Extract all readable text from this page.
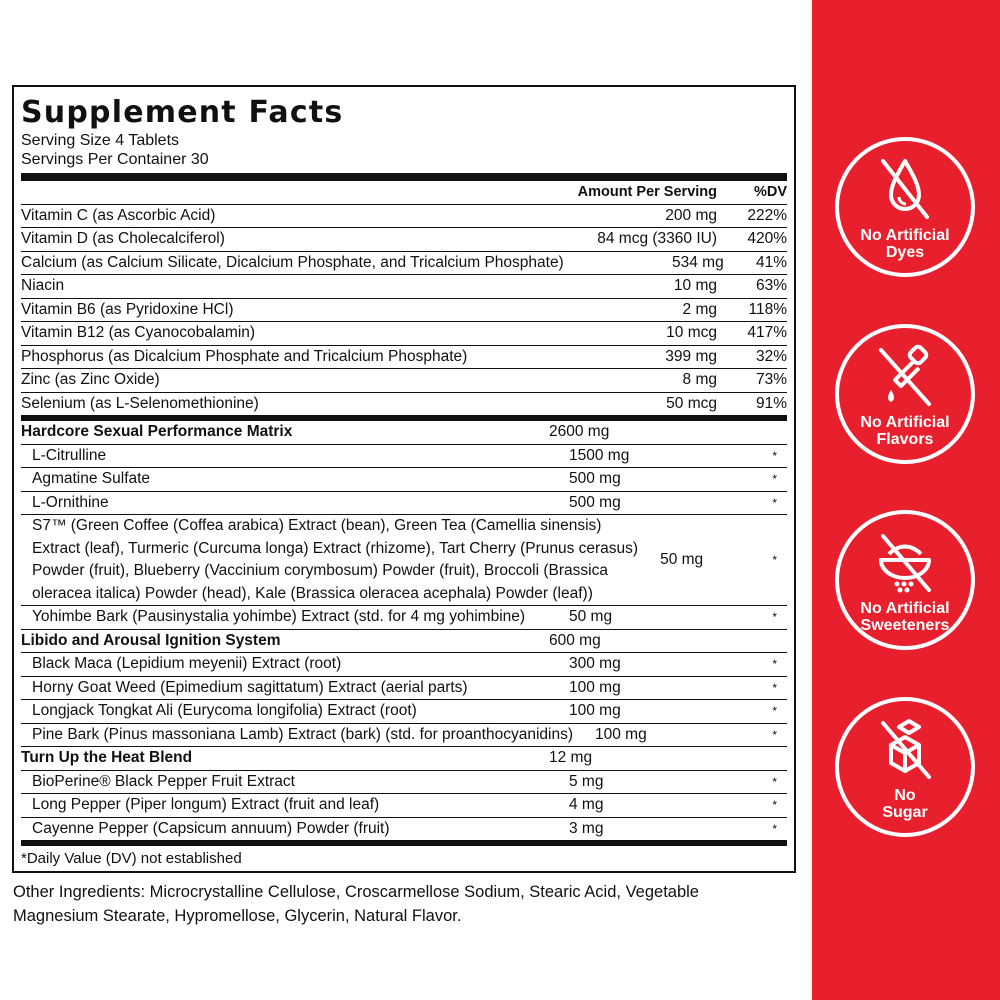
Supplement Facts
Serving Size 4 Tablets
Servings Per Container 30
Amount Per Serving	%DV
Vitamin C (as Ascorbic Acid)	200 mg	222%
Vitamin D (as Cholecalciferol)	84 mcg (3360 IU)	420%
Calcium (as Calcium Silicate, Dicalcium Phosphate, and Tricalcium Phosphate)	534 mg	41%
Niacin	10 mg	63%
Vitamin B6 (as Pyridoxine HCl)	2 mg	118%
Vitamin B12 (as Cyanocobalamin)	10 mcg	417%
Phosphorus (as Dicalcium Phosphate and Tricalcium Phosphate)	399 mg	32%
Zinc (as Zinc Oxide)	8 mg	73%
Selenium (as L-Selenomethionine)	50 mcg	91%
Hardcore Sexual Performance Matrix	2600 mg
L-Citrulline	1500 mg	*
Agmatine Sulfate	500 mg	*
L-Ornithine	500 mg	*
S7™ (Green Coffee (Coffea arabica) Extract (bean), Green Tea (Camellia sinensis)
Extract (leaf), Turmeric (Curcuma longa) Extract (rhizome), Tart Cherry (Prunus cerasus)
Powder (fruit), Blueberry (Vaccinium corymbosum) Powder (fruit), Broccoli (Brassica
oleracea italica) Powder (head), Kale (Brassica oleracea acephala) Powder (leaf))
50 mg	*
Yohimbe Bark (Pausinystalia yohimbe) Extract (std. for 4 mg yohimbine)	50 mg	*
Libido and Arousal Ignition System	600 mg
Black Maca (Lepidium meyenii) Extract (root)	300 mg	*
Horny Goat Weed (Epimedium sagittatum) Extract (aerial parts)	100 mg	*
Longjack Tongkat Ali (Eurycoma longifolia) Extract (root)	100 mg	*
Pine Bark (Pinus massoniana Lamb) Extract (bark) (std. for proanthocyanidins)	100 mg	*
Turn Up the Heat Blend	12 mg
BioPerine® Black Pepper Fruit Extract	5 mg	*
Long Pepper (Piper longum) Extract (fruit and leaf)	4 mg	*
Cayenne Pepper (Capsicum annuum) Powder (fruit)	3 mg	*
*Daily Value (DV) not established
Other Ingredients: Microcrystalline Cellulose, Croscarmellose Sodium, Stearic Acid, Vegetable
Magnesium Stearate, Hypromellose, Glycerin, Natural Flavor.
No Artificial
Dyes
No Artificial
Flavors
No Artificial
Sweeteners
No
Sugar
